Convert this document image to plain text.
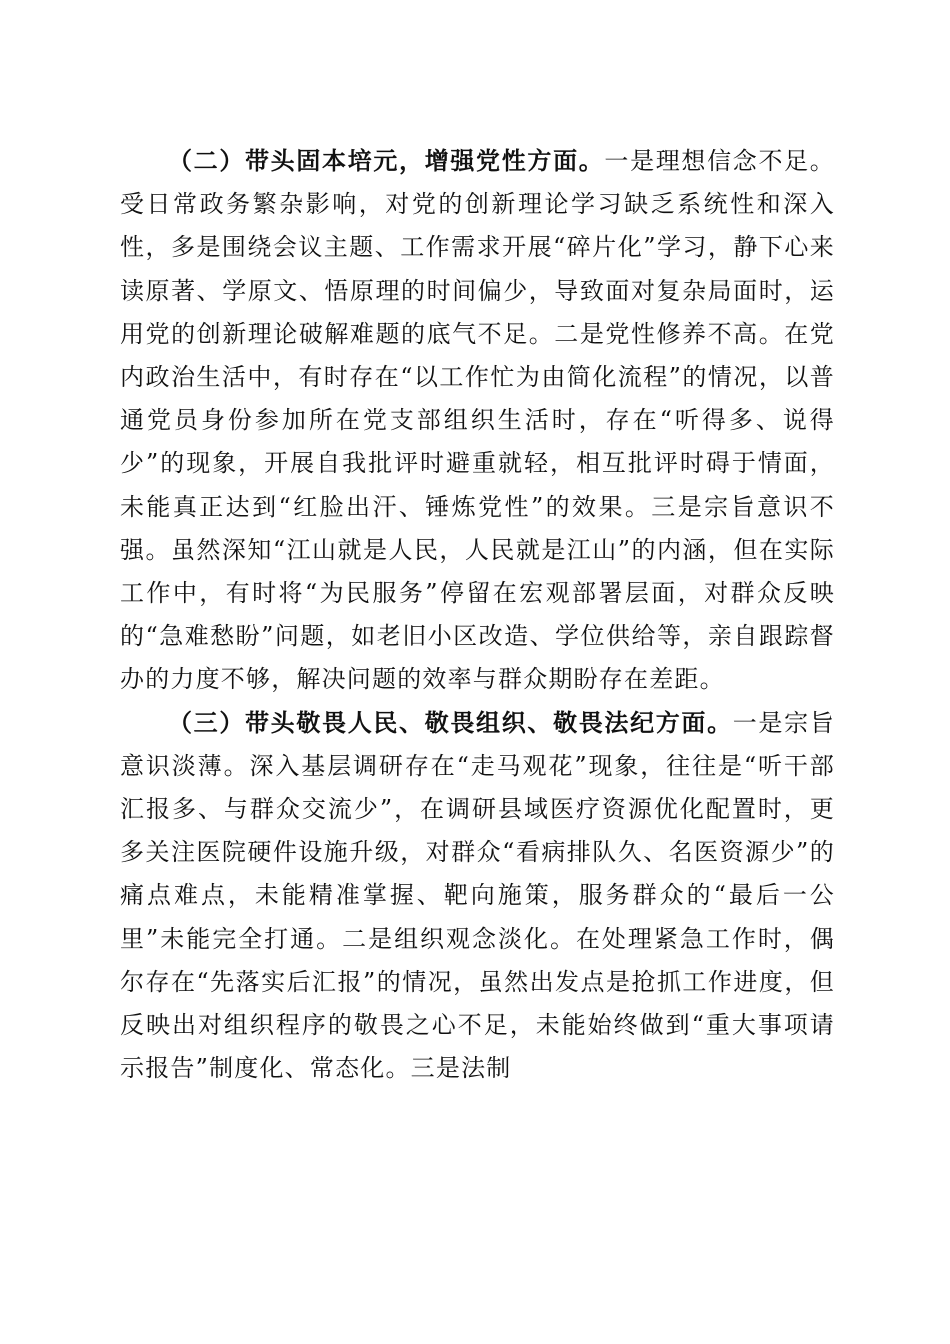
（二）带头固本培元，增强党性方面。一是理想信念不足。受日常政务繁杂影响，对党的创新理论学习缺乏系统性和深入性，多是围绕会议主题、工作需求开展“碎片化”学习，静下心来读原著、学原文、悟原理的时间偏少，导致面对复杂局面时，运用党的创新理论破解难题的底气不足。二是党性修养不高。在党内政治生活中，有时存在“以工作忙为由简化流程”的情况，以普通党员身份参加所在党支部组织生活时，存在“听得多、说得少”的现象，开展自我批评时避重就轻，相互批评时碍于情面，未能真正达到“红脸出汗、锤炼党性”的效果。三是宗旨意识不强。虽然深知“江山就是人民，人民就是江山”的内涵，但在实际工作中，有时将“为民服务”停留在宏观部署层面，对群众反映的“急难愁盼”问题，如老旧小区改造、学位供给等，亲自跟踪督办的力度不够，解决问题的效率与群众期盼存在差距。

（三）带头敬畏人民、敬畏组织、敬畏法纪方面。一是宗旨意识淡薄。深入基层调研存在“走马观花”现象，往往是“听干部汇报多、与群众交流少”，在调研县域医疗资源优化配置时，更多关注医院硬件设施升级，对群众“看病排队久、名医资源少”的痛点难点，未能精准掌握、靶向施策，服务群众的“最后一公里”未能完全打通。二是组织观念淡化。在处理紧急工作时，偶尔存在“先落实后汇报”的情况，虽然出发点是抢抓工作进度，但反映出对组织程序的敬畏之心不足，未能始终做到“重大事项请示报告”制度化、常态化。三是法制
